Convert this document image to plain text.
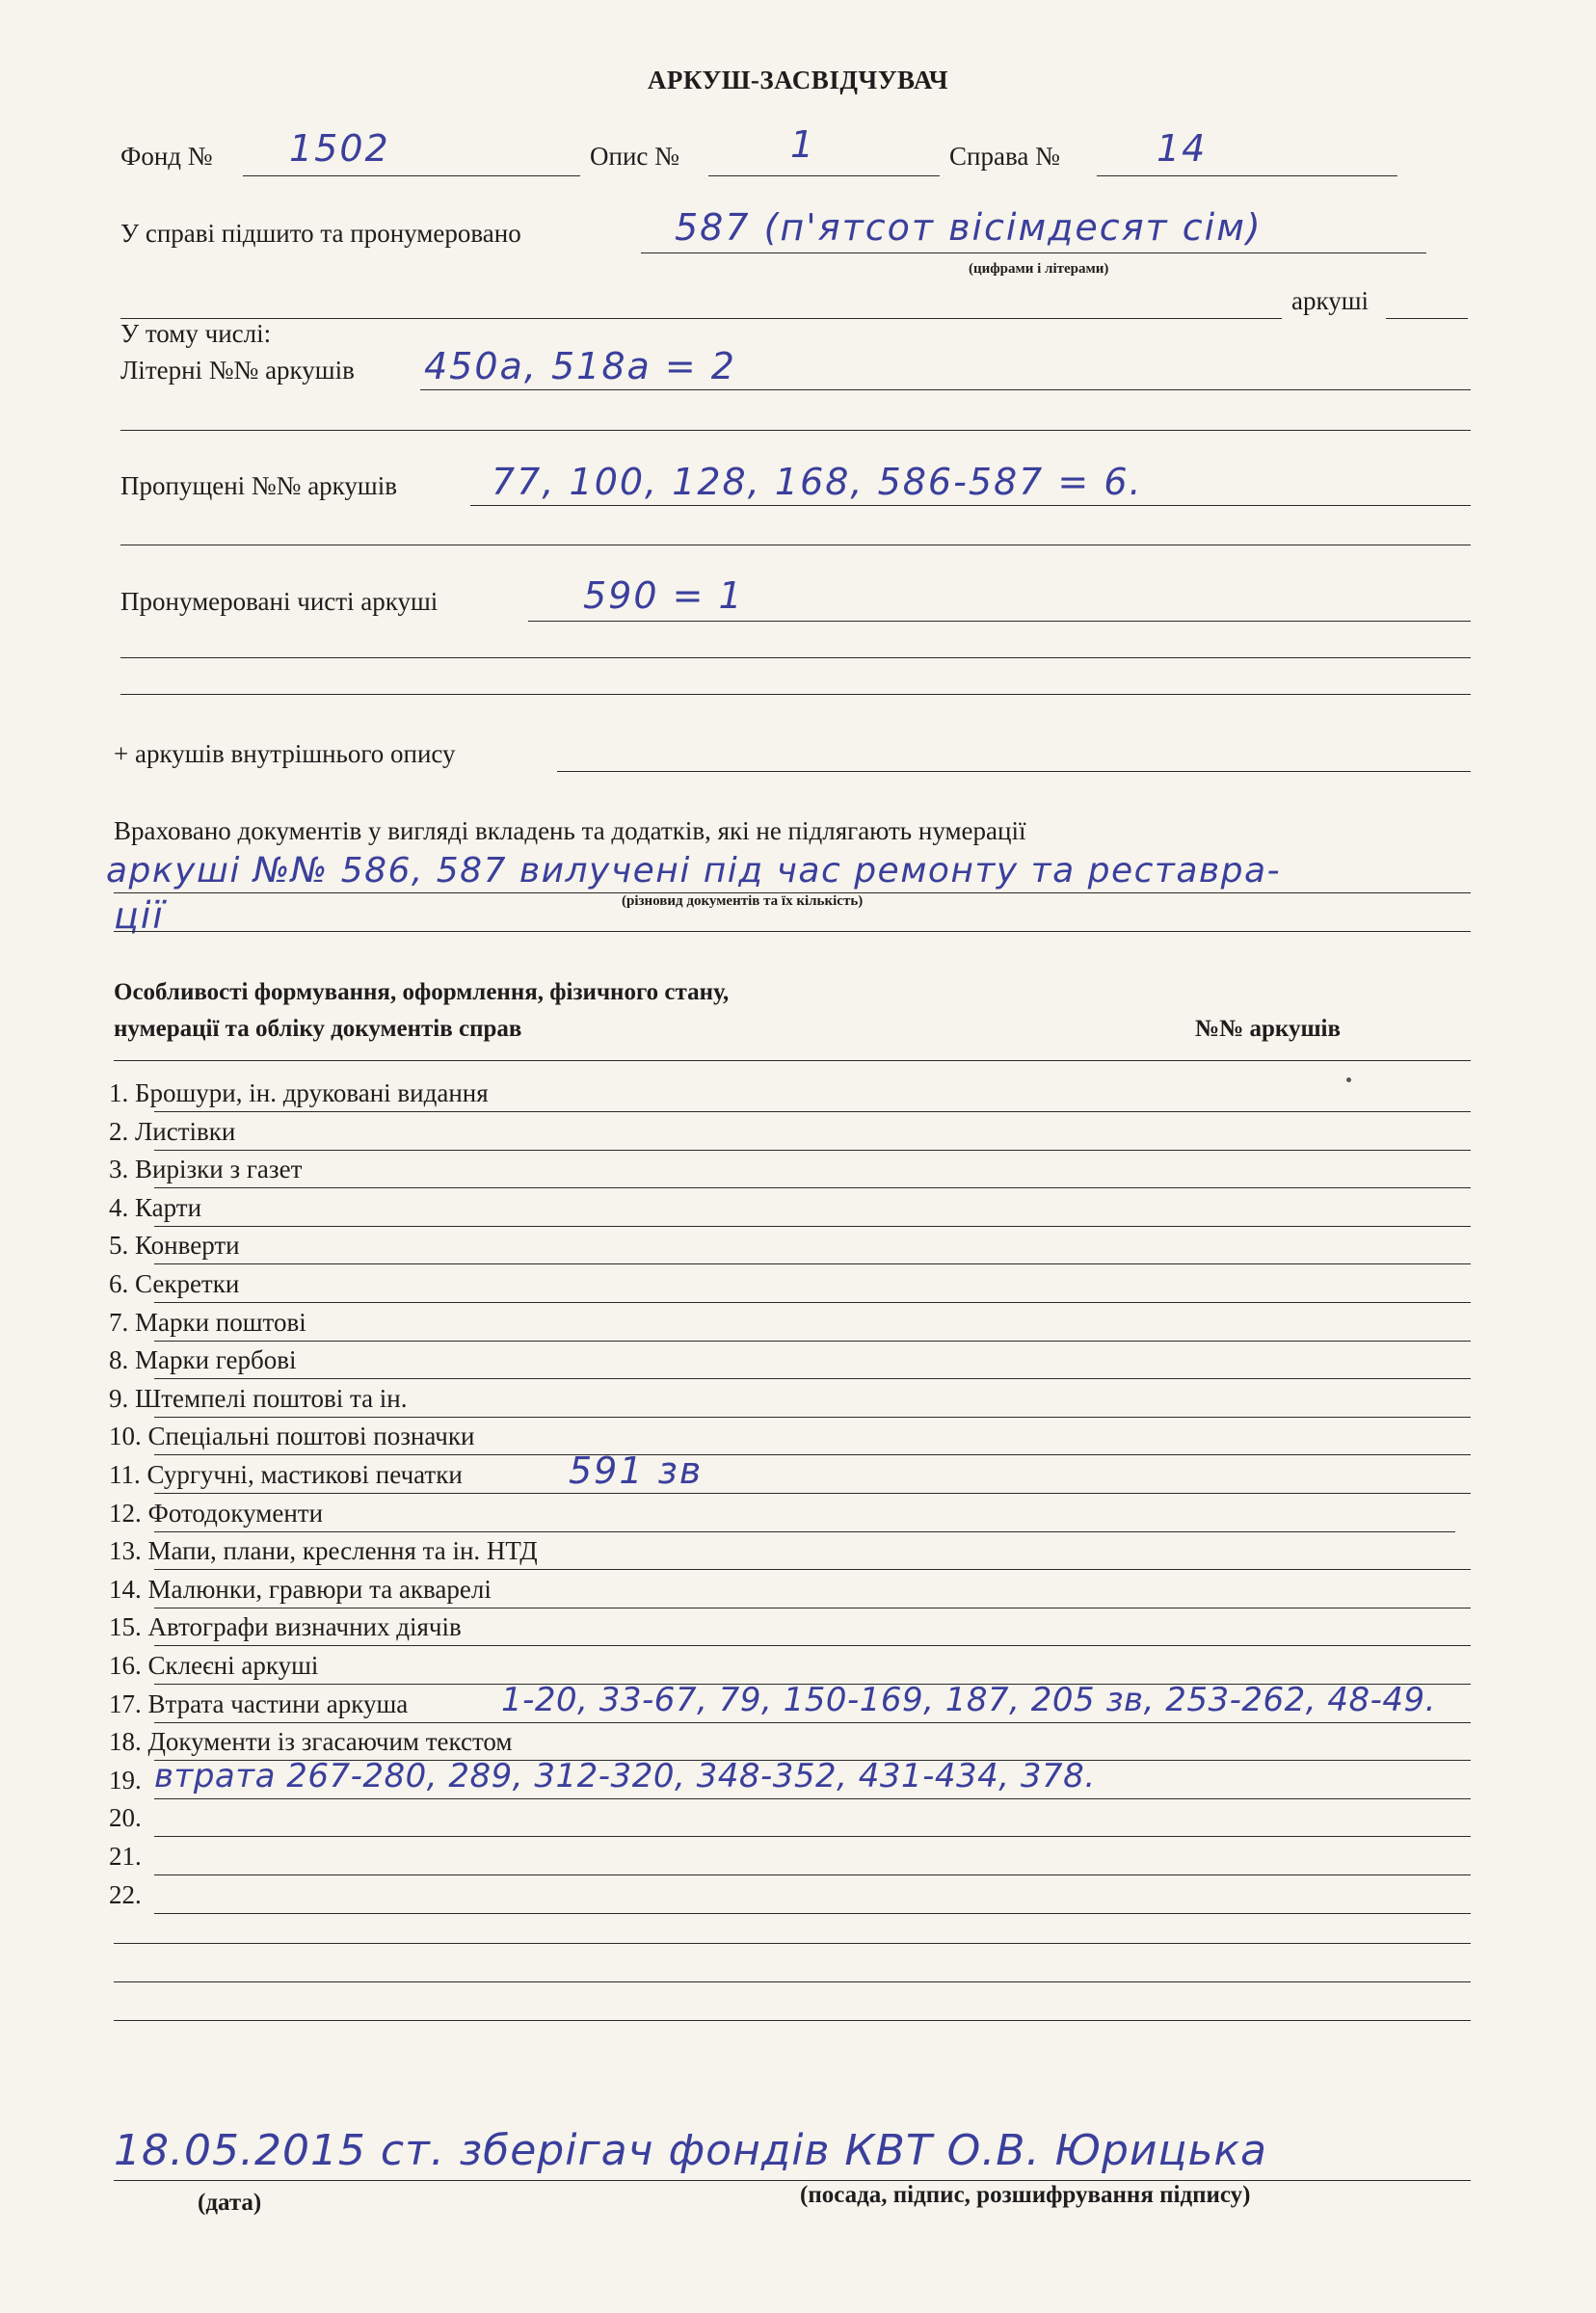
АРКУШ-ЗАСВІДЧУВАЧ
Фонд № 1502	Опис №	1	Справа №	14
У справі підшито та пронумеровано	587 (п'ятсот вісімдесят сім)
(цифрами і літерами)
аркуші
У тому числі:
Літерні №№ аркушів 450а, 518а = 2
Пропущені №№ аркушів	77, 100, 128, 168, 586-587 = 6.
Пронумеровані чисті аркуші	590 = 1
+ аркушів внутрішнього опису
Враховано документів у вигляді вкладень та додатків, які не підлягають нумерації
аркуші №№ 586, 587 вилучені під час ремонту та реставра-
(різновид документів та їх кількість)
ції
Особливості формування, оформлення, фізичного стану,
нумерації та обліку документів справ	№№ аркушів
1. Брошури, ін. друковані видання
2. Листівки
3. Вирізки з газет
4. Карти
5. Конверти
6. Секретки
7. Марки поштові
8. Марки гербові
9. Штемпелі поштові та ін.
10. Спеціальні поштові позначки
11. Сургучні, мастикові печатки	591 зв
12. Фотодокументи
13. Мапи, плани, креслення та ін. НТД
14. Малюнки, гравюри та акварелі
15. Автографи визначних діячів
16. Склеєні аркуші
17. Втрата частини аркуша	1-20, 33-67, 79, 150-169, 187, 205 зв, 253-262, 48-49.
18. Документи із згасаючим текстом
19. втрата 267-280, 289, 312-320, 348-352, 431-434, 378.
20.
21.
22.
18.05.2015 ст. зберігач фондів КВТ О.В. Юрицька
(дата)	(посада, підпис, розшифрування підпису)
